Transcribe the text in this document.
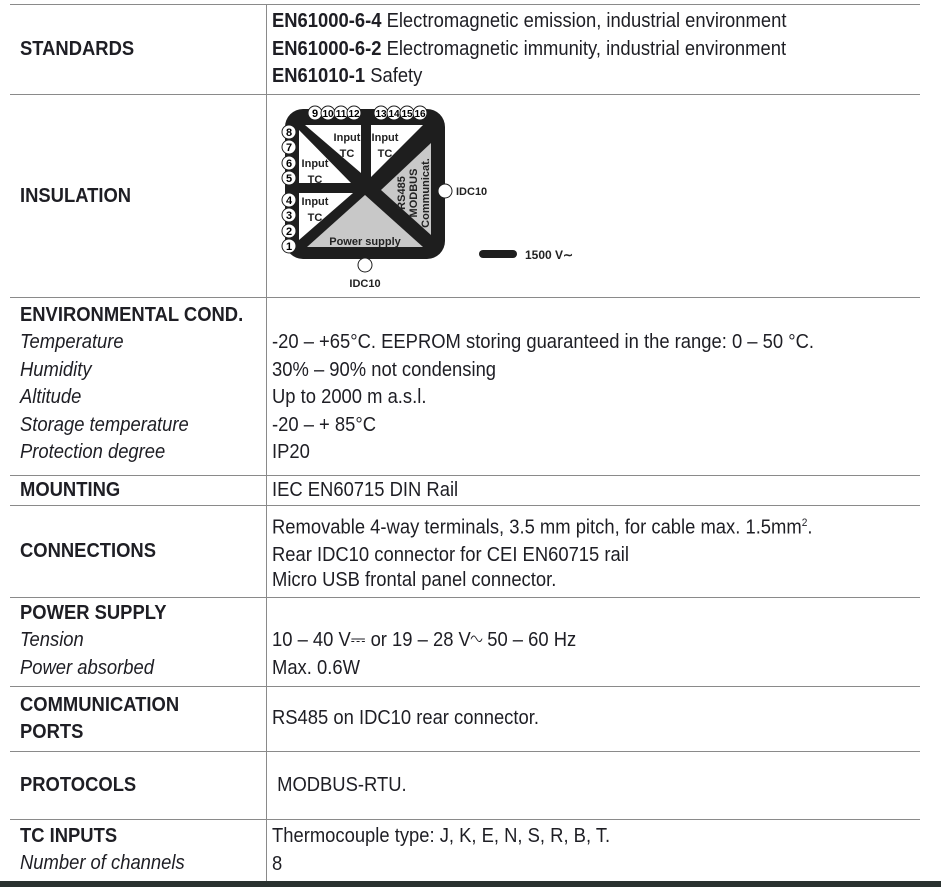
STANDARDS
EN61000-6-4 Electromagnetic emission, industrial environment
EN61000-6-2 Electromagnetic immunity, industrial environment
EN61010-1 Safety
INSULATION
9 10 11 12 13 14 15 16
8
7
6
5
4
3
2
1
Input
TC
Input
TC
Input
TC
Input
TC
RS485 MODBUS Communicat.
Power supply
IDC10
IDC10
1500 V∼
ENVIRONMENTAL COND.
Temperature
Humidity
Altitude
Storage temperature
Protection degree
-20 – +65°C. EEPROM storing guaranteed in the range: 0 – 50 °C.
30% – 90% not condensing
Up to 2000 m a.s.l.
-20 – + 85°C
IP20
MOUNTING	IEC EN60715 DIN Rail
CONNECTIONS
Removable 4-way terminals, 3.5 mm pitch, for cable max. $1.5mm^2$.
Rear IDC10 connector for CEI EN60715 rail
Micro USB frontal panel connector.
POWER SUPPLY
Tension
Power absorbed
10 – 40 V⎓ or 19 – 28 V∿ 50 – 60 Hz
Max. 0.6W
COMMUNICATION
PORTS
RS485 on IDC10 rear connector.
PROTOCOLS	MODBUS-RTU.
TC INPUTS
Number of channels
Thermocouple type: J, K, E, N, S, R, B, T.
8
